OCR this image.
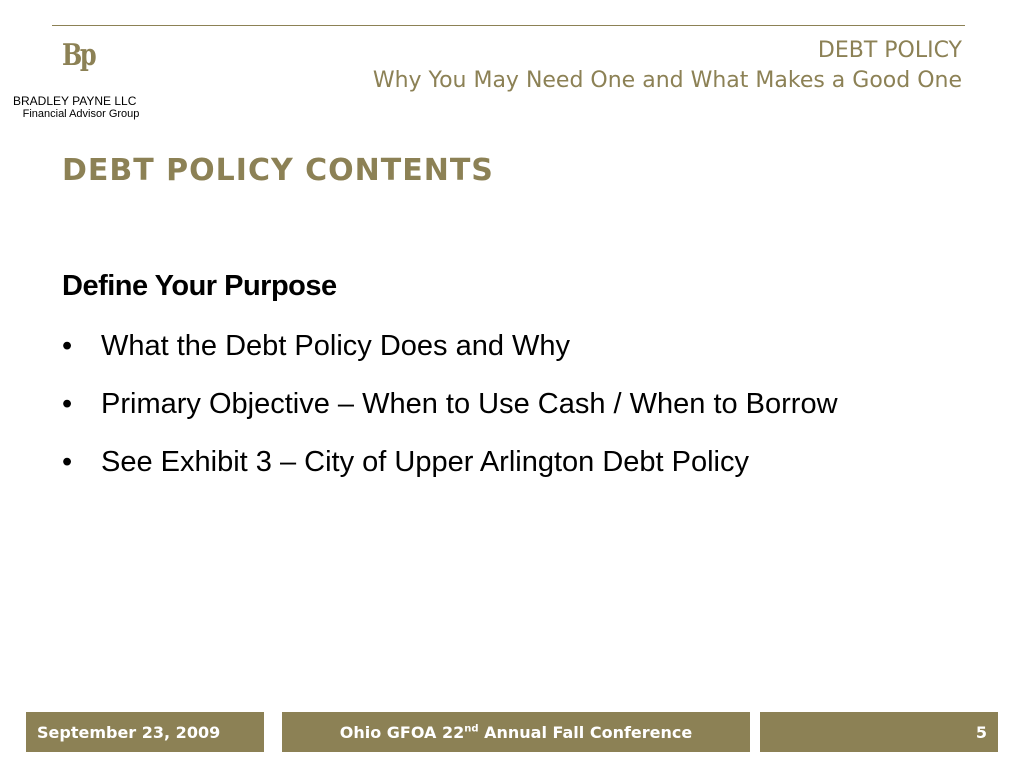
Bp
BRADLEY PAYNE LLC
Financial Advisor Group
DEBT POLICY
Why You May Need One and What Makes a Good One
DEBT POLICY CONTENTS
Define Your Purpose
• What the Debt Policy Does and Why
• Primary Objective – When to Use Cash / When to Borrow
• See Exhibit 3 – City of Upper Arlington Debt Policy
September 23, 2009	Ohio GFOA 22nd Annual Fall Conference	5
